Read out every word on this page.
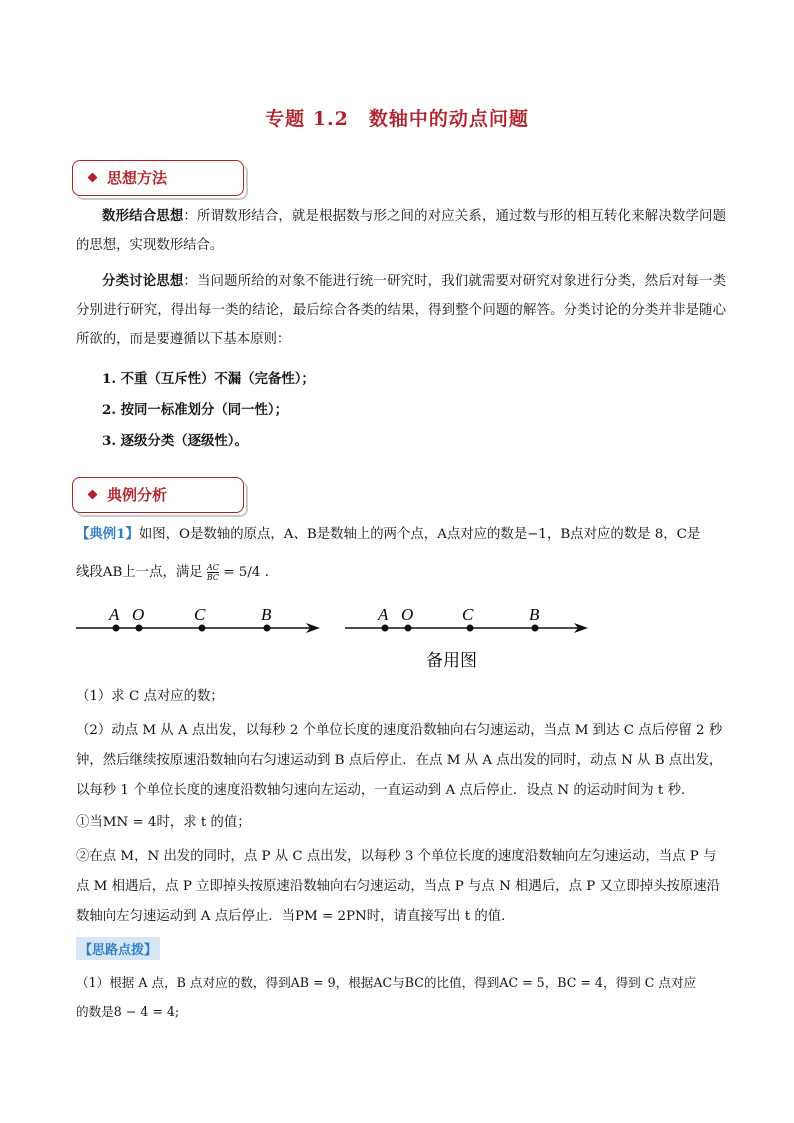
专题 1.2　数轴中的动点问题
思想方法
数形结合思想：所谓数形结合，就是根据数与形之间的对应关系，通过数与形的相互转化来解决数学问题的思想，实现数形结合。
分类讨论思想：当问题所给的对象不能进行统一研究时，我们就需要对研究对象进行分类，然后对每一类分别进行研究，得出每一类的结论，最后综合各类的结果，得到整个问题的解答。分类讨论的分类并非是随心所欲的，而是要遵循以下基本原则：
1. 不重（互斥性）不漏（完备性）；
2. 按同一标准划分（同一性）；
3. 逐级分类（逐级性）。
典例分析
【典例1】如图，O是数轴的原点，A、B是数轴上的两个点，A点对应的数是−1，B点对应的数是 8，C是
线段AB上一点，满足 $\frac{AC}{BC} = 5/4$ .
A O	C	B	A O	C	B
备用图
（1）求 C 点对应的数；
（2）动点 M 从 A 点出发，以每秒 2 个单位长度的速度沿数轴向右匀速运动，当点 M 到达 C 点后停留 2 秒
钟，然后继续按原速沿数轴向右匀速运动到 B 点后停止．在点 M 从 A 点出发的同时，动点 N 从 B 点出发，
以每秒 1 个单位长度的速度沿数轴匀速向左运动，一直运动到 A 点后停止．设点 N 的运动时间为 t 秒．
①当MN = 4时，求 t 的值；
②在点 M，N 出发的同时，点 P 从 C 点出发，以每秒 3 个单位长度的速度沿数轴向左匀速运动，当点 P 与
点 M 相遇后，点 P 立即掉头按原速沿数轴向右匀速运动，当点 P 与点 N 相遇后，点 P 又立即掉头按原速沿
数轴向左匀速运动到 A 点后停止．当PM = 2PN时，请直接写出 t 的值．
【思路点拨】
（1）根据 A 点，B 点对应的数，得到AB = 9，根据AC与BC的比值，得到AC = 5，BC = 4，得到 C 点对应
的数是8 − 4 = 4;
